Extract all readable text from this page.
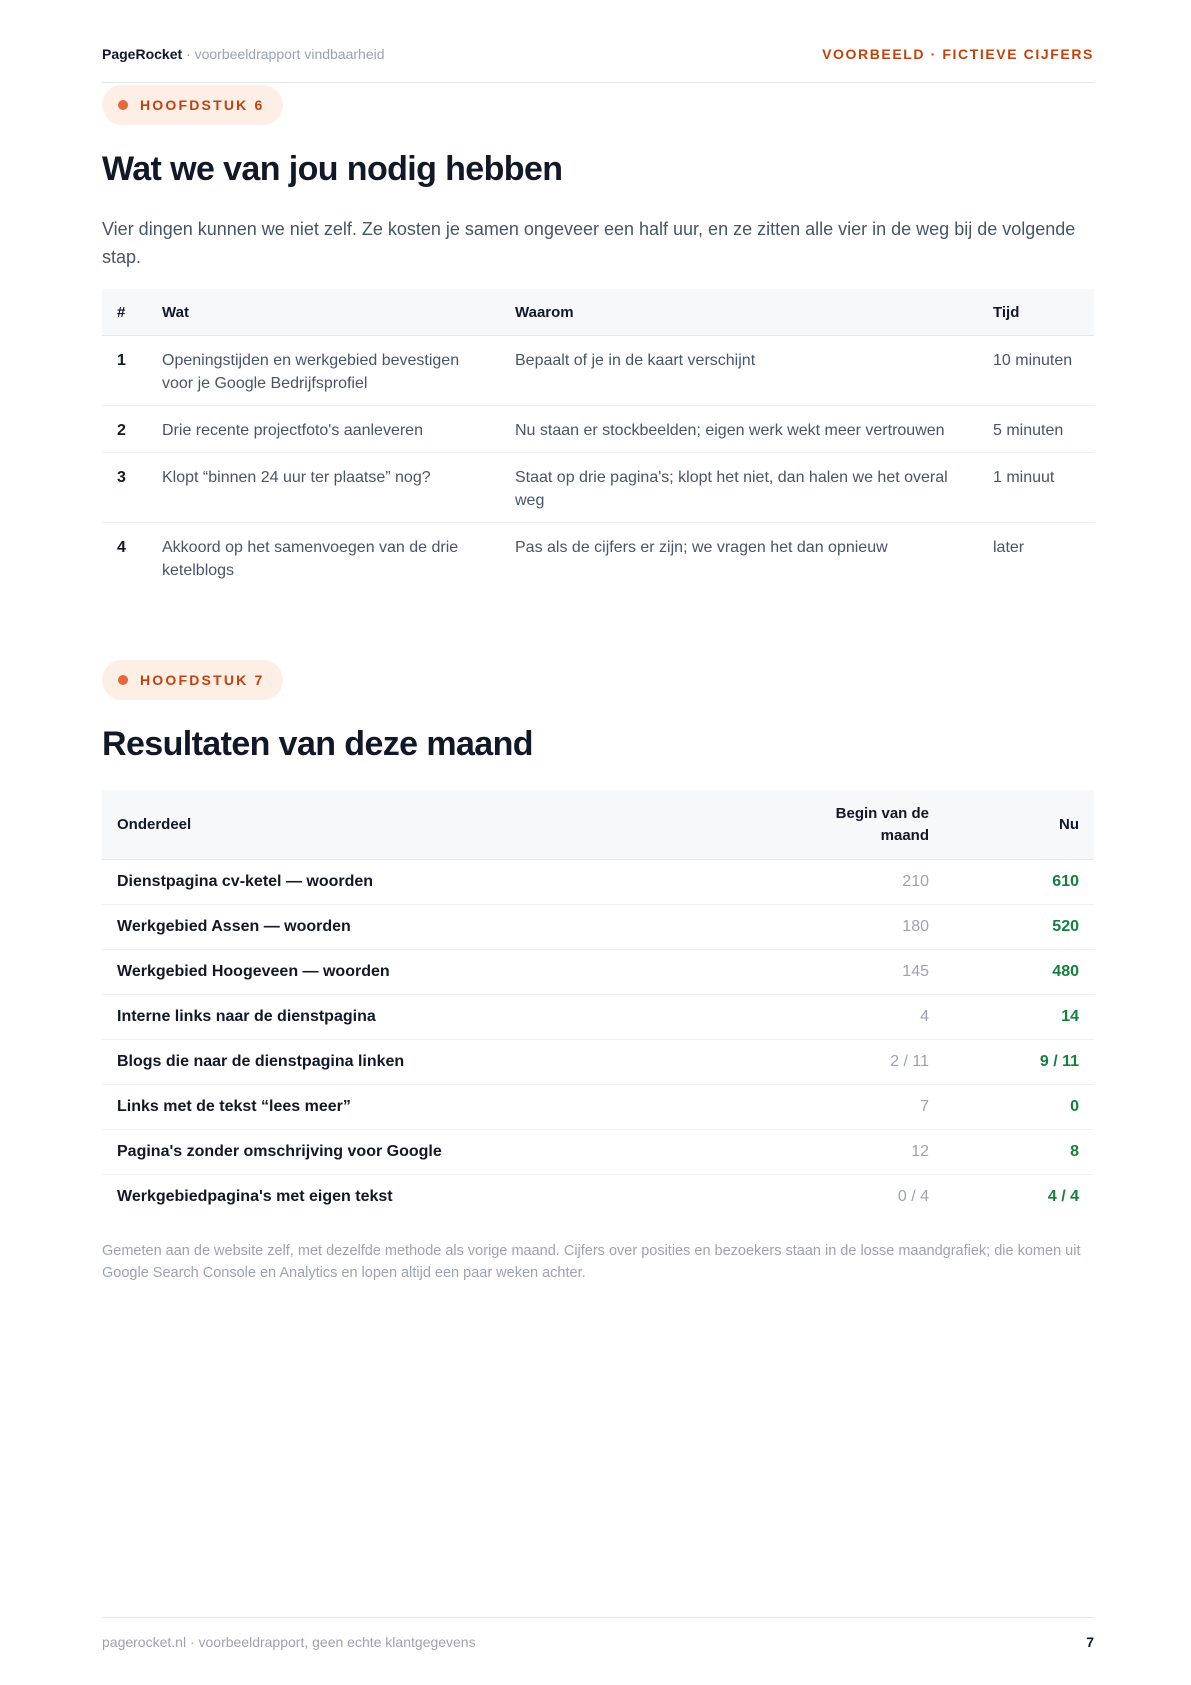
PageRocket · voorbeeldrapport vindbaarheid	VOORBEELD · FICTIEVE CIJFERS
HOOFDSTUK 6
Wat we van jou nodig hebben

Vier dingen kunnen we niet zelf. Ze kosten je samen ongeveer een half uur, en ze zitten alle vier in de weg bij de volgende stap.

#	Wat	Waarom	Tijd
1	Openingstijden en werkgebied bevestigen voor je Google Bedrijfsprofiel	Bepaalt of je in de kaart verschijnt	10 minuten
2	Drie recente projectfoto's aanleveren	Nu staan er stockbeelden; eigen werk wekt meer vertrouwen	5 minuten
3	Klopt “binnen 24 uur ter plaatse” nog?	Staat op drie pagina's; klopt het niet, dan halen we het overal weg	1 minuut
4	Akkoord op het samenvoegen van de drie ketelblogs	Pas als de cijfers er zijn; we vragen het dan opnieuw	later
HOOFDSTUK 7
Resultaten van deze maand
Onderdeel	Begin van de maand	Nu
Dienstpagina cv-ketel — woorden	210	610
Werkgebied Assen — woorden	180	520
Werkgebied Hoogeveen — woorden	145	480
Interne links naar de dienstpagina	4	14
Blogs die naar de dienstpagina linken	2 / 11	9 / 11
Links met de tekst “lees meer”	7	0
Pagina's zonder omschrijving voor Google	12	8
Werkgebiedpagina's met eigen tekst	0 / 4	4 / 4

Gemeten aan de website zelf, met dezelfde methode als vorige maand. Cijfers over posities en bezoekers staan in de losse maandgrafiek; die komen uit Google Search Console en Analytics en lopen altijd een paar weken achter.

pagerocket.nl · voorbeeldrapport, geen echte klantgegevens	7
